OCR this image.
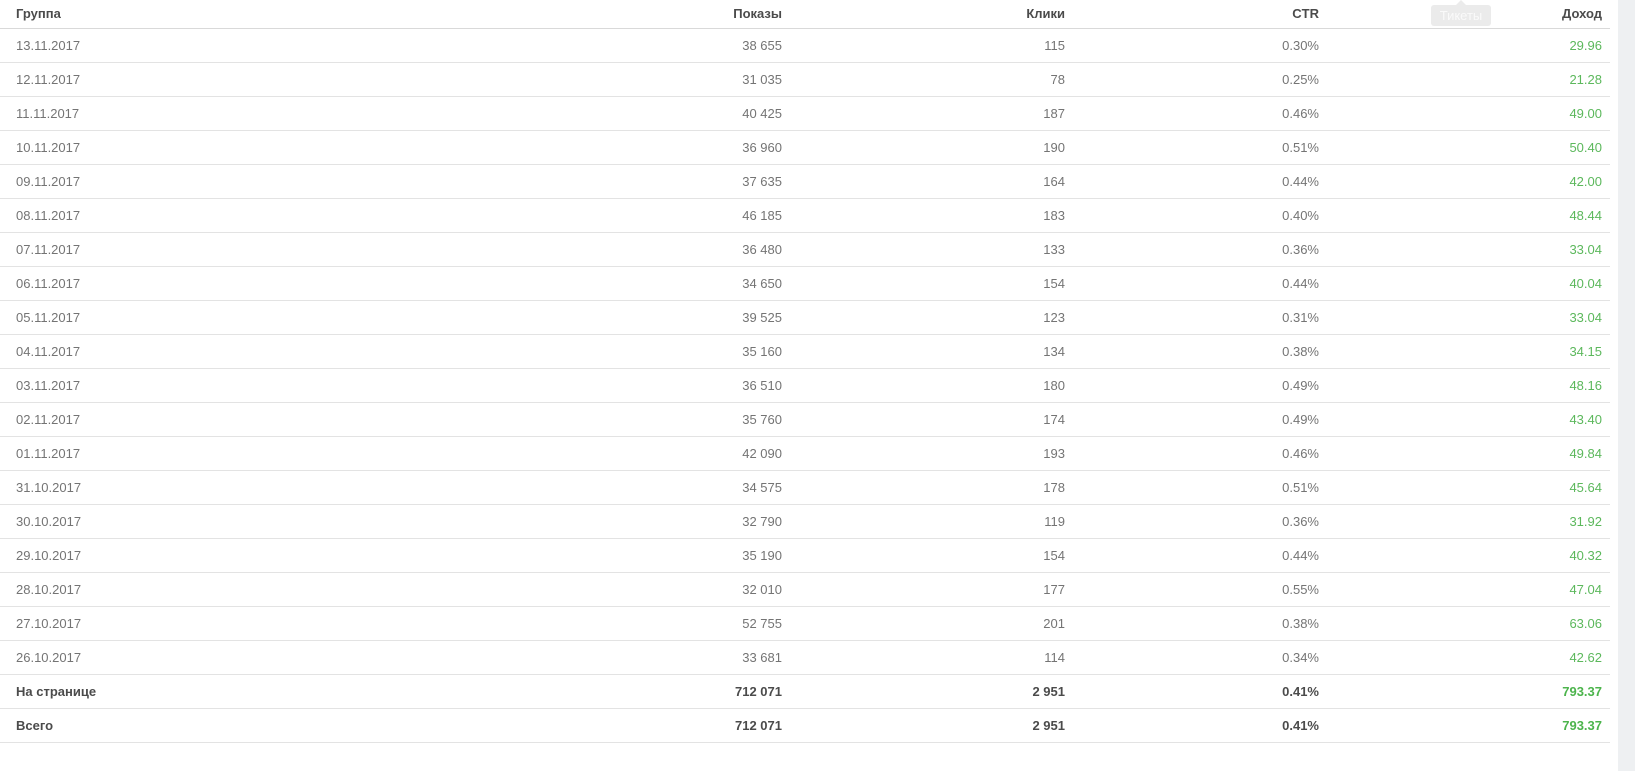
Группа	Показы	Клики	CTR	Доход
13.11.2017	38 655	115	0.30%	29.96
12.11.2017	31 035	78	0.25%	21.28
11.11.2017	40 425	187	0.46%	49.00
10.11.2017	36 960	190	0.51%	50.40
09.11.2017	37 635	164	0.44%	42.00
08.11.2017	46 185	183	0.40%	48.44
07.11.2017	36 480	133	0.36%	33.04
06.11.2017	34 650	154	0.44%	40.04
05.11.2017	39 525	123	0.31%	33.04
04.11.2017	35 160	134	0.38%	34.15
03.11.2017	36 510	180	0.49%	48.16
02.11.2017	35 760	174	0.49%	43.40
01.11.2017	42 090	193	0.46%	49.84
31.10.2017	34 575	178	0.51%	45.64
30.10.2017	32 790	119	0.36%	31.92
29.10.2017	35 190	154	0.44%	40.32
28.10.2017	32 010	177	0.55%	47.04
27.10.2017	52 755	201	0.38%	63.06
26.10.2017	33 681	114	0.34%	42.62
На странице	712 071	2 951	0.41%	793.37
Всего	712 071	2 951	0.41%	793.37
Тикеты
